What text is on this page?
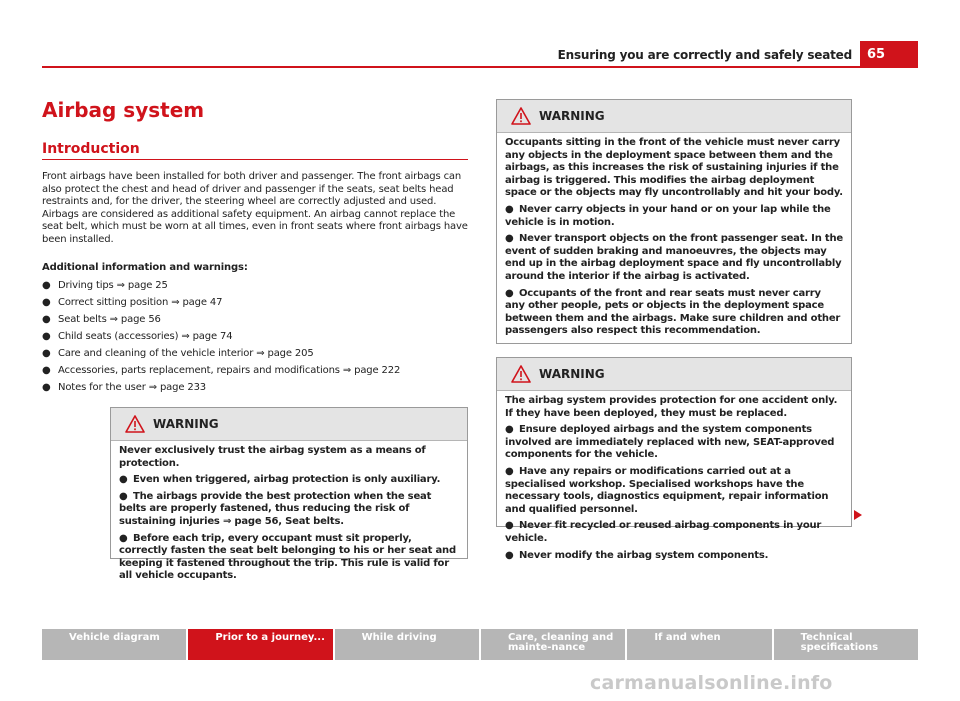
Ensuring you are correctly and safely seated	65
Airbag system
Introduction
Front airbags have been installed for both driver and passenger. The front airbags can also protect the chest and head of driver and passenger if the seats, seat belts head restraints and, for the driver, the steering wheel are correctly adjusted and used. Airbags are considered as additional safety equipment. An airbag cannot replace the seat belt, which must be worn at all times, even in front seats where front airbags have been installed.
Additional information and warnings:
● Driving tips ⇒ page 25
● Correct sitting position ⇒ page 47
● Seat belts ⇒ page 56
● Child seats (accessories) ⇒ page 74
● Care and cleaning of the vehicle interior ⇒ page 205
● Accessories, parts replacement, repairs and modifications ⇒ page 222
● Notes for the user ⇒ page 233
WARNING

Never exclusively trust the airbag system as a means of protection.

● Even when triggered, airbag protection is only auxiliary.

● The airbags provide the best protection when the seat belts are properly fastened, thus reducing the risk of sustaining injuries ⇒ page 56, Seat belts.

● Before each trip, every occupant must sit properly, correctly fasten the seat belt belonging to his or her seat and keeping it fastened throughout the trip. This rule is valid for all vehicle occupants.

WARNING

Occupants sitting in the front of the vehicle must never carry any objects in the deployment space between them and the airbags, as this increases the risk of sustaining injuries if the airbag is triggered. This modifies the airbag deployment space or the objects may fly uncontrollably and hit your body.

● Never carry objects in your hand or on your lap while the vehicle is in motion.

● Never transport objects on the front passenger seat. In the event of sudden braking and manoeuvres, the objects may end up in the airbag deployment space and fly uncontrollably around the interior if the airbag is activated.

● Occupants of the front and rear seats must never carry any other people, pets or objects in the deployment space between them and the airbags. Make sure children and other passengers also respect this recommendation.

WARNING

The airbag system provides protection for one accident only. If they have been deployed, they must be replaced.

● Ensure deployed airbags and the system components involved are immediately replaced with new, SEAT-approved components for the vehicle.

● Have any repairs or modifications carried out at a specialised workshop. Specialised workshops have the necessary tools, diagnostics equipment, repair information and qualified personnel.

● Never fit recycled or reused airbag components in your vehicle.

● Never modify the airbag system components.

Vehicle diagram	Prior to a journey...	While driving	Care, cleaning and mainte-nance
If and when	Technical specifications
carmanualsonline.info
